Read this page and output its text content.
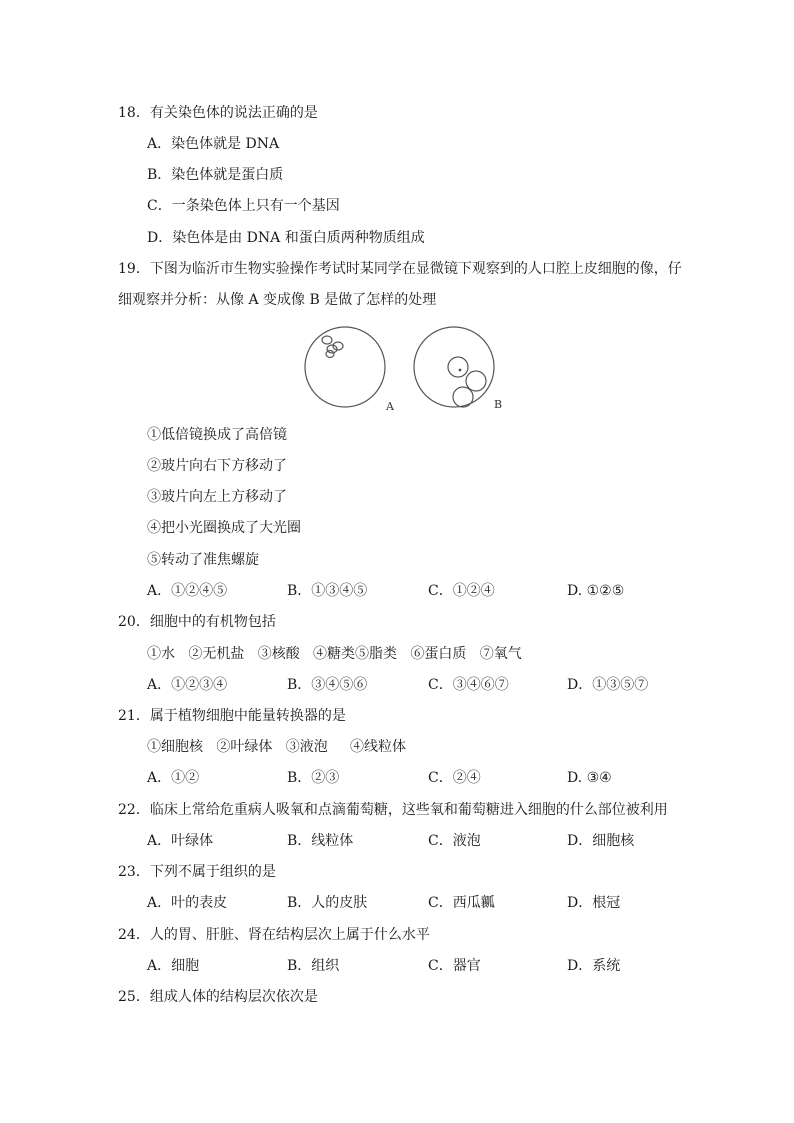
18．有关染色体的说法正确的是
A．染色体就是 DNA
B．染色体就是蛋白质
C．一条染色体上只有一个基因
D．染色体是由 DNA 和蛋白质两种物质组成
19．下图为临沂市生物实验操作考试时某同学在显微镜下观察到的人口腔上皮细胞的像，仔
细观察并分析：从像 A 变成像 B 是做了怎样的处理
A	B
①低倍镜换成了高倍镜
②玻片向右下方移动了
③玻片向左上方移动了
④把小光圈换成了大光圈
⑤转动了准焦螺旋
A．①②④⑤	B．①③④⑤	C．①②④	D. ①②⑤
20．细胞中的有机物包括
①水   ②无机盐   ③核酸   ④糖类⑤脂类   ⑥蛋白质   ⑦氧气
A．①②③④	B．③④⑤⑥	C．③④⑥⑦	D．①③⑤⑦
21．属于植物细胞中能量转换器的是
①细胞核   ②叶绿体   ③液泡     ④线粒体
A．①②	B．②③	C．②④	D. ③④
22．临床上常给危重病人吸氧和点滴葡萄糖，这些氧和葡萄糖进入细胞的什么部位被利用
A．叶绿体	B．线粒体	C．液泡	D．细胞核
23．下列不属于组织的是
A．叶的表皮	B．人的皮肤	C．西瓜瓤	D．根冠
24．人的胃、肝脏、肾在结构层次上属于什么水平
A．细胞	B．组织	C．器官	D．系统
25．组成人体的结构层次依次是
